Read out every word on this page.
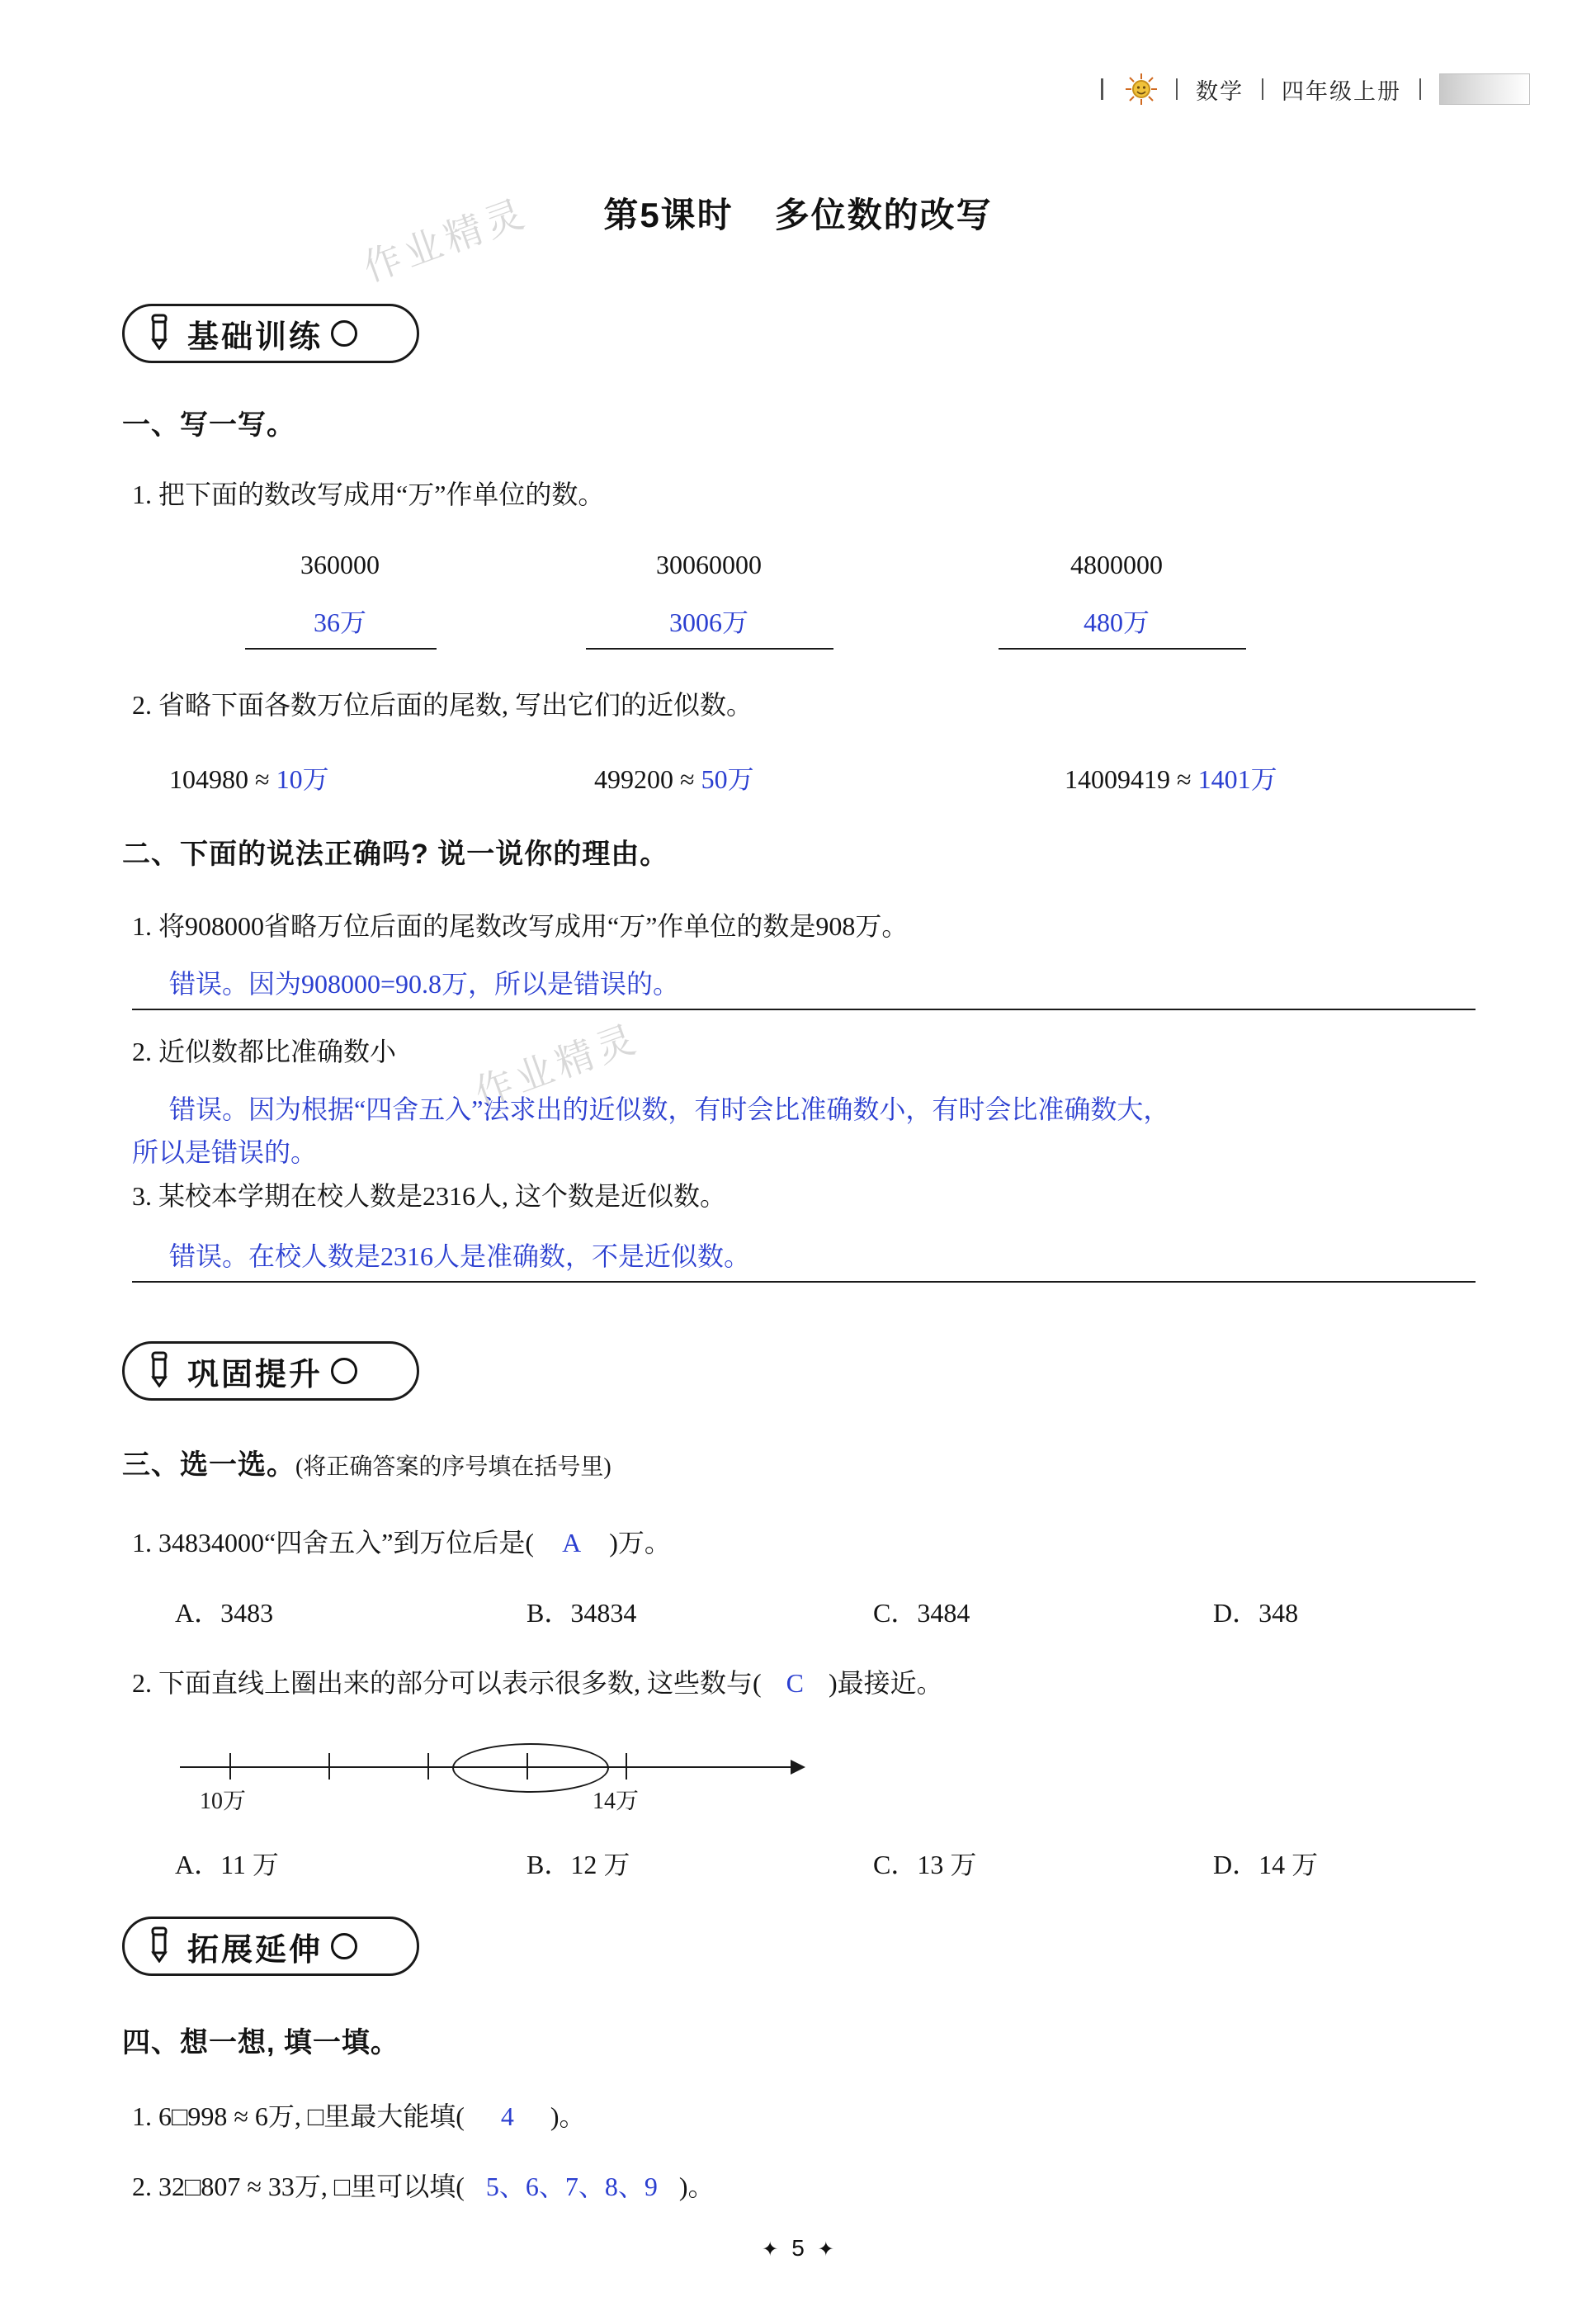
数学 四年级上册
作业精灵
作业精灵
第5课时 多位数的改写
基础训练
一、写一写。
1. 把下面的数改写成用“万”作单位的数。
360000	30060000	4800000
36万	3006万	480万
2. 省略下面各数万位后面的尾数, 写出它们的近似数。
104980 ≈ 10万	499200 ≈ 50万	14009419 ≈ 1401万
二、下面的说法正确吗? 说一说你的理由。
1. 将908000省略万位后面的尾数改写成用“万”作单位的数是908万。
错误。因为908000=90.8万，所以是错误的。
2. 近似数都比准确数小
错误。因为根据“四舍五入”法求出的近似数，有时会比准确数小，有时会比准确数大，
所以是错误的。
3. 某校本学期在校人数是2316人, 这个数是近似数。
错误。在校人数是2316人是准确数，不是近似数。
巩固提升
三、选一选。(将正确答案的序号填在括号里)
1. 34834000“四舍五入”到万位后是( A )万。
A．3483	B．34834	C．3484	D．348
2. 下面直线上圈出来的部分可以表示很多数, 这些数与( C )最接近。
10万	14万
A．11 万	B．12 万	C．13 万	D．14 万
拓展延伸
四、想一想, 填一填。
1. 6□998 ≈ 6万, □里最大能填( 4 )。
2. 32□807 ≈ 33万, □里可以填( 5、6、7、8、9 )。
✦ 5 ✦
